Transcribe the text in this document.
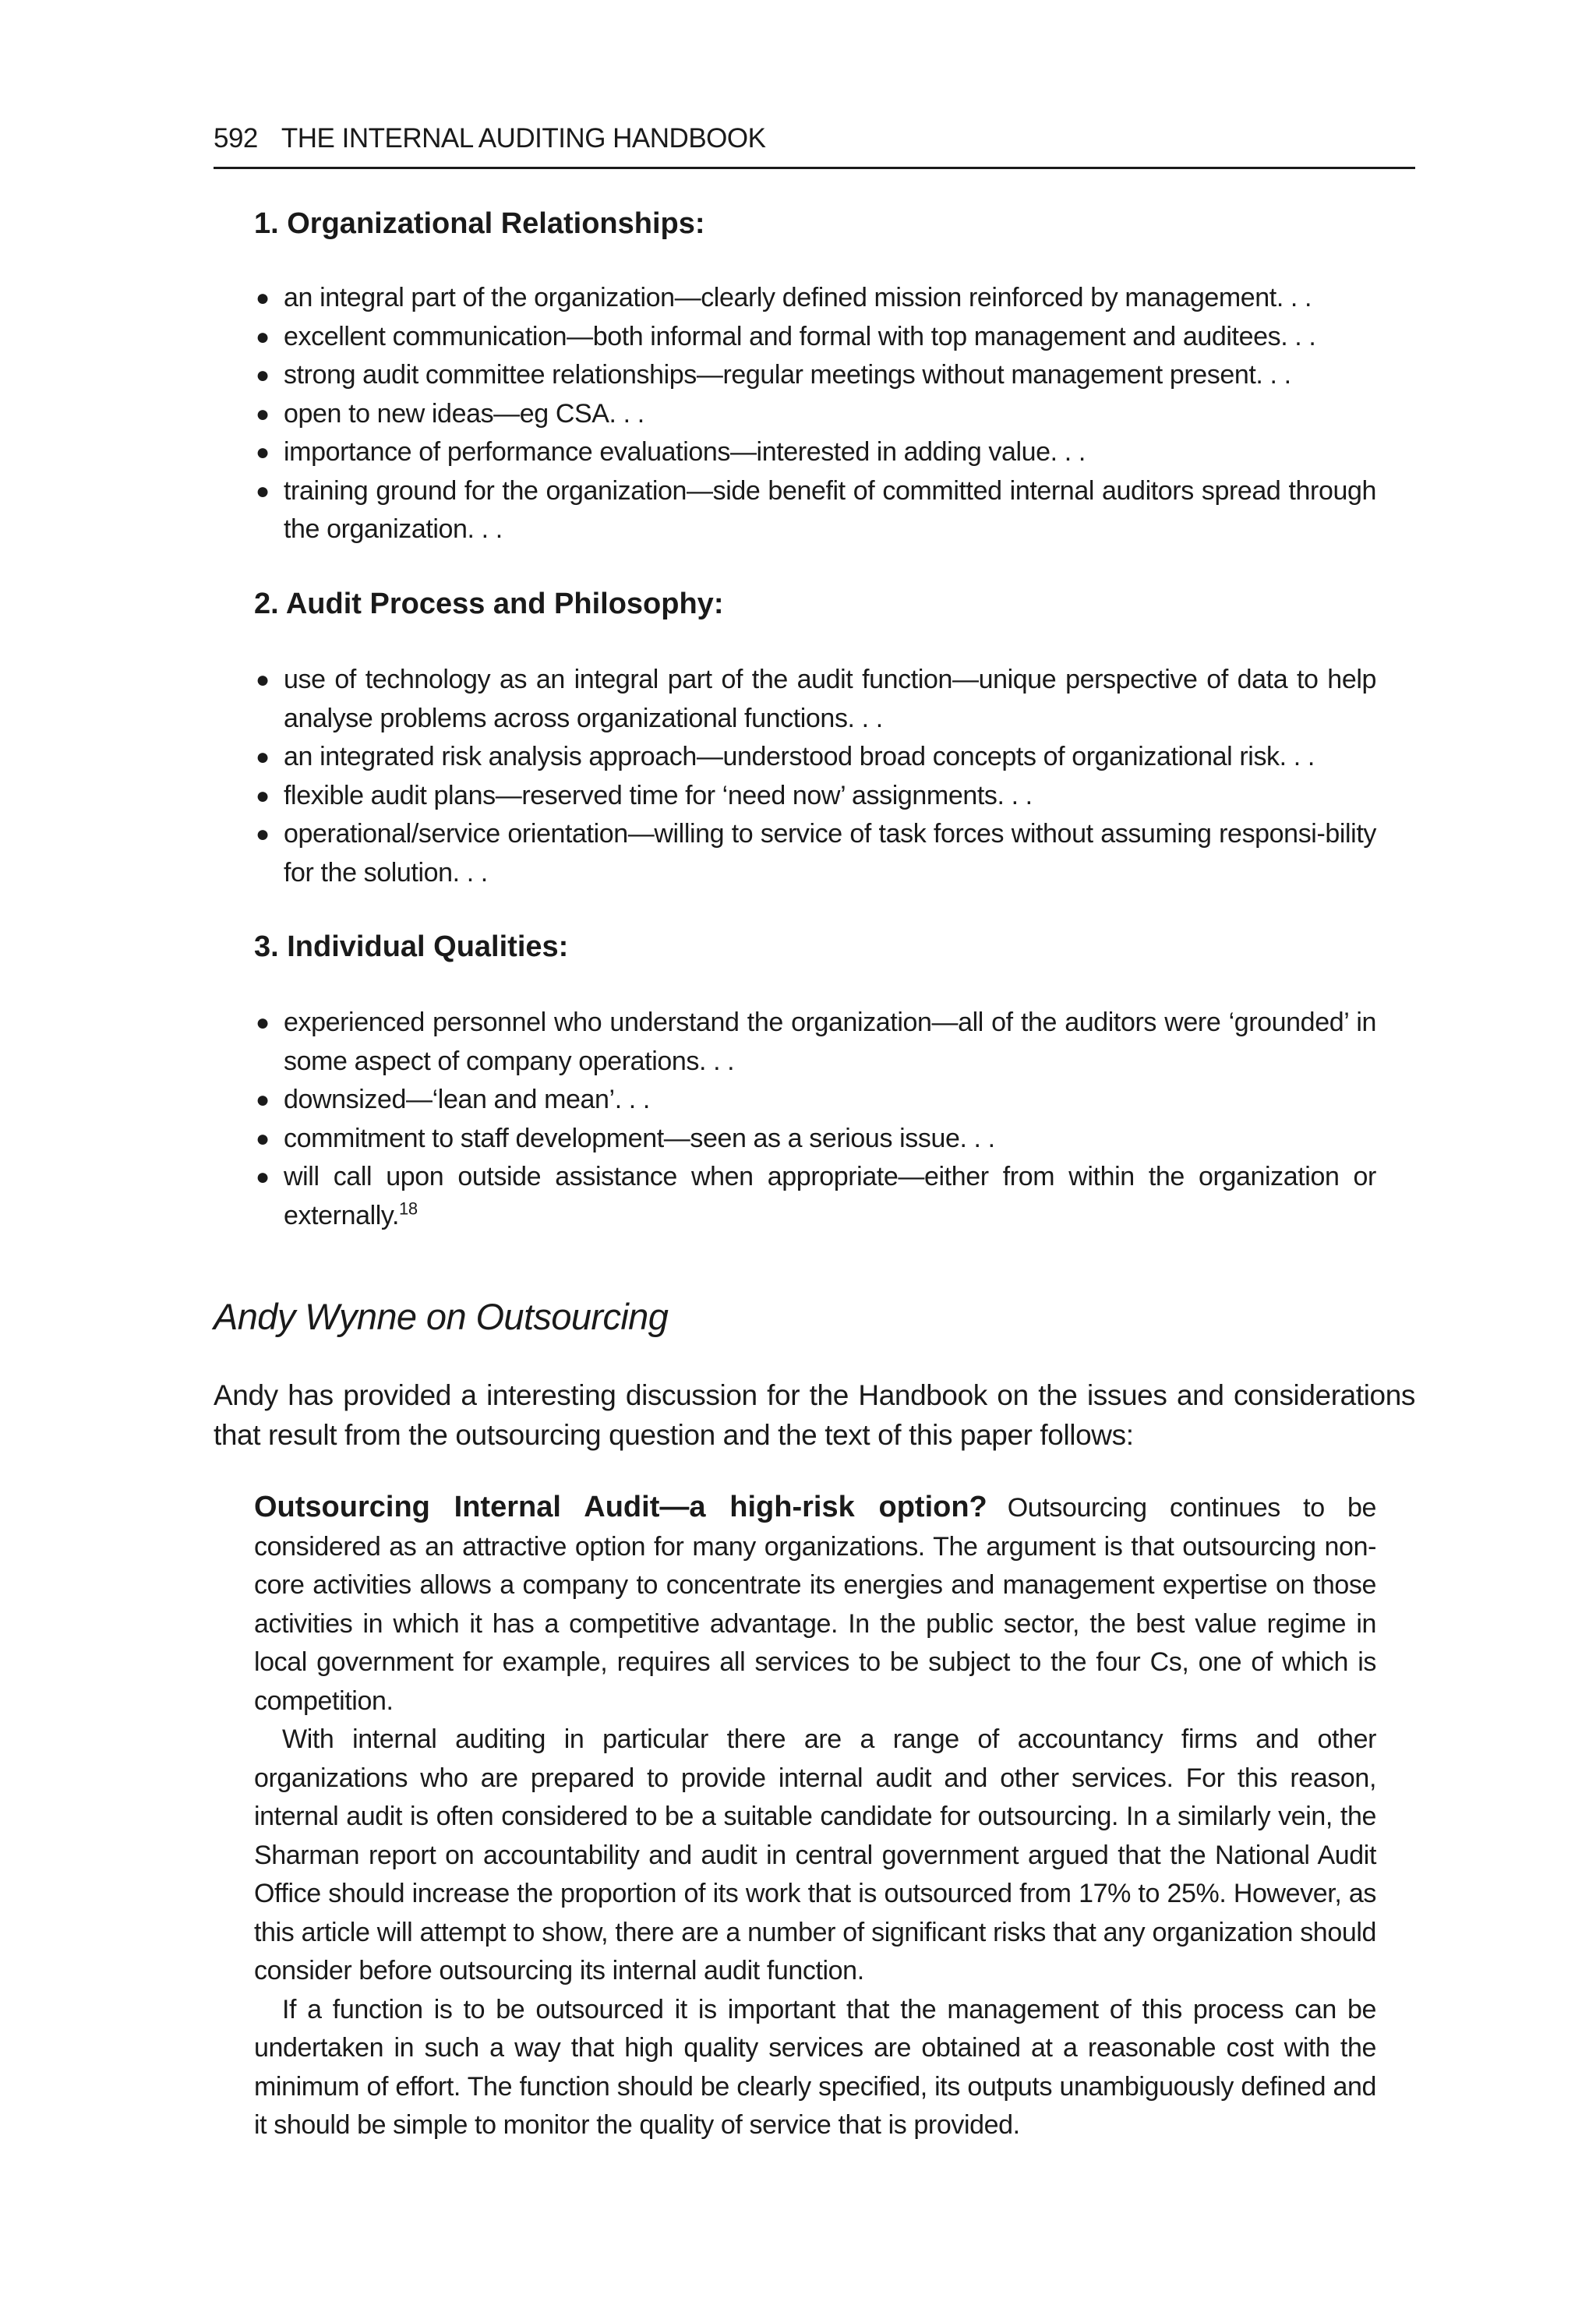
592 THE INTERNAL AUDITING HANDBOOK
1. Organizational Relationships:
● an integral part of the organization—clearly defined mission reinforced by management. . .
● excellent communication—both informal and formal with top management and auditees. . .
● strong audit committee relationships—regular meetings without management present. . .
● open to new ideas—eg CSA. . .
● importance of performance evaluations—interested in adding value. . .
● training ground for the organization—side benefit of committed internal auditors spread through the organization. . .
2. Audit Process and Philosophy:
● use of technology as an integral part of the audit function—unique perspective of data to help analyse problems across organizational functions. . .
● an integrated risk analysis approach—understood broad concepts of organizational risk. . .
● flexible audit plans—reserved time for ‘need now’ assignments. . .
● operational/service orientation—willing to service of task forces without assuming responsi-bility for the solution. . .
3. Individual Qualities:
● experienced personnel who understand the organization—all of the auditors were ‘grounded’ in some aspect of company operations. . .
● downsized—‘lean and mean’. . .
● commitment to staff development—seen as a serious issue. . .
● will call upon outside assistance when appropriate—either from within the organization or externally.$^{18}$
Andy Wynne on Outsourcing

Andy has provided a interesting discussion for the Handbook on the issues and considerations that result from the outsourcing question and the text of this paper follows:

Outsourcing Internal Audit—a high-risk option? Outsourcing continues to be considered as an attractive option for many organizations. The argument is that outsourcing non-core activities allows a company to concentrate its energies and management expertise on those activities in which it has a competitive advantage. In the public sector, the best value regime in local government for example, requires all services to be subject to the four Cs, one of which is competition.

With internal auditing in particular there are a range of accountancy firms and other organizations who are prepared to provide internal audit and other services. For this reason, internal audit is often considered to be a suitable candidate for outsourcing. In a similarly vein, the Sharman report on accountability and audit in central government argued that the National Audit Office should increase the proportion of its work that is outsourced from 17% to 25%. However, as this article will attempt to show, there are a number of significant risks that any organization should consider before outsourcing its internal audit function.

If a function is to be outsourced it is important that the management of this process can be undertaken in such a way that high quality services are obtained at a reasonable cost with the minimum of effort. The function should be clearly specified, its outputs unambiguously defined and it should be simple to monitor the quality of service that is provided.
